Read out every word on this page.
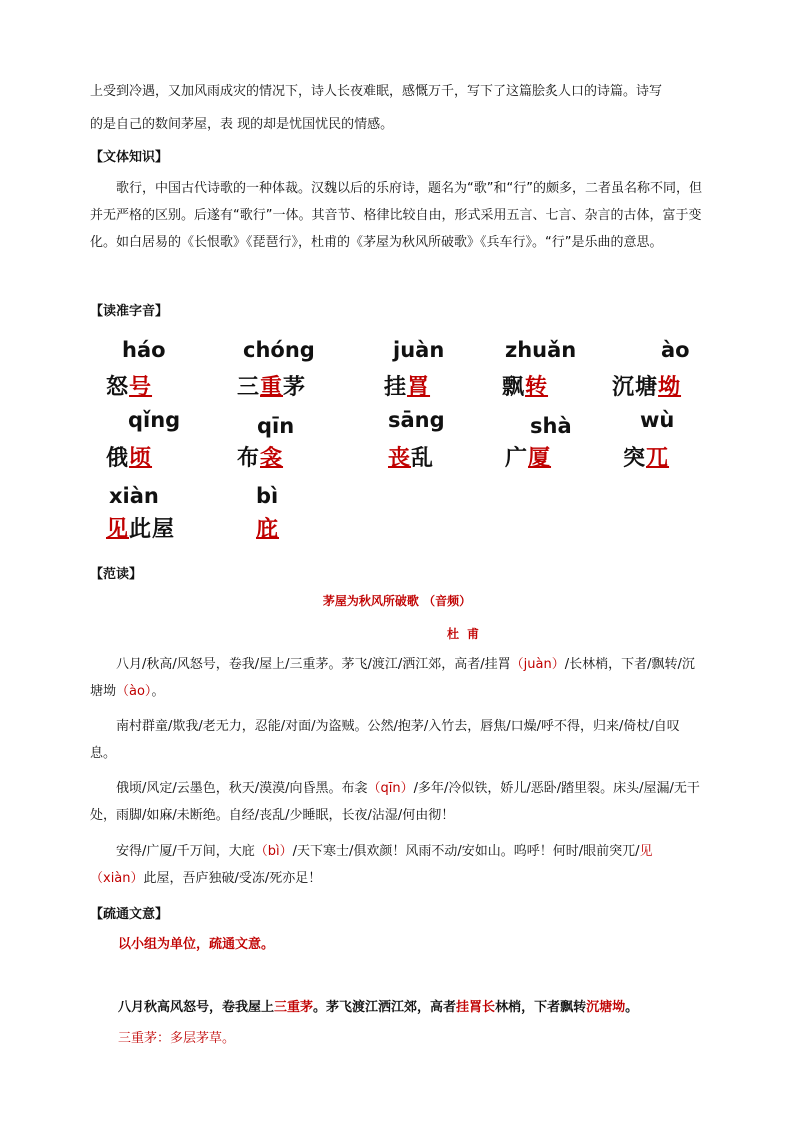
上受到冷遇，又加风雨成灾的情况下，诗人长夜难眠，感慨万千，写下了这篇脍炙人口的诗篇。诗写

的是自己的数间茅屋，表 现的却是忧国忧民的情感。

【文体知识】

歌行，中国古代诗歌的一种体裁。汉魏以后的乐府诗，题名为“歌”和“行”的颇多，二者虽名称不同，但并无严格的区别。后遂有“歌行”一体。其音节、格律比较自由，形式采用五言、七言、杂言的古体，富于变化。如白居易的《长恨歌》《琵琶行》，杜甫的《茅屋为秋风所破歌》《兵车行》。“行”是乐曲的意思。

【读准字音】

háo
怒号
chóng
三重茅
juàn
挂罥
zhuǎn
飘转
ào
沉塘坳
qǐng
俄顷
qīn
布衾
sāng
丧乱
shà
广厦
wù
突兀
xiàn
见此屋
bì
庇

【范读】

茅屋为秋风所破歌 （音频）
杜甫

八月/秋高/风怒号，卷我/屋上/三重茅。茅飞/渡江/洒江郊，高者/挂罥（juàn）/长林梢，下者/飘转/沉塘坳（ào）。

南村群童/欺我/老无力，忍能/对面/为盗贼。公然/抱茅/入竹去，唇焦/口燥/呼不得，归来/倚杖/自叹息。

俄顷/风定/云墨色，秋天/漠漠/向昏黑。布衾（qīn）/多年/冷似铁，娇儿/恶卧/踏里裂。床头/屋漏/无干处，雨脚/如麻/未断绝。自经/丧乱/少睡眠，长夜/沾湿/何由彻！

安得/广厦/千万间，大庇（bì）/天下寒士/俱欢颜！风雨不动/安如山。呜呼！何时/眼前突兀/见（xiàn）此屋，吾庐独破/受冻/死亦足！

【疏通文意】

以小组为单位，疏通文意。

八月秋高风怒号，卷我屋上三重茅。茅飞渡江洒江郊，高者挂罥长林梢，下者飘转沉塘坳。

三重茅：多层茅草。
